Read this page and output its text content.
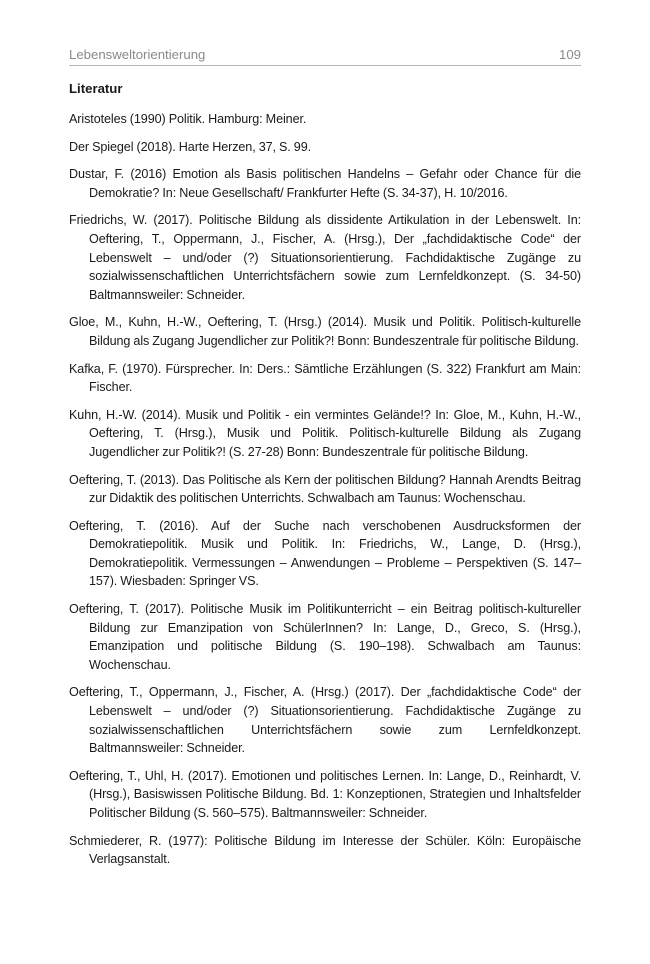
Lebensweltorientierung	109
Literatur
Aristoteles (1990) Politik. Hamburg: Meiner.
Der Spiegel (2018). Harte Herzen, 37, S. 99.
Dustar, F. (2016) Emotion als Basis politischen Handelns – Gefahr oder Chance für die Demokratie? In: Neue Gesellschaft/ Frankfurter Hefte (S. 34-37), H. 10/2016.
Friedrichs, W. (2017). Politische Bildung als dissidente Artikulation in der Lebenswelt. In: Oeftering, T., Oppermann, J., Fischer, A. (Hrsg.), Der „fachdidaktische Code“ der Lebenswelt – und/oder (?) Situationsorientierung. Fachdidaktische Zugänge zu sozialwissenschaftlichen Unterrichtsfächern sowie zum Lernfeldkonzept. (S. 34-50) Baltmannsweiler: Schneider.
Gloe, M., Kuhn, H.-W., Oeftering, T. (Hrsg.) (2014). Musik und Politik. Politisch-kulturelle Bildung als Zugang Jugendlicher zur Politik?! Bonn: Bundeszentrale für politische Bildung.
Kafka, F. (1970). Fürsprecher. In: Ders.: Sämtliche Erzählungen (S. 322) Frankfurt am Main: Fischer.
Kuhn, H.-W. (2014). Musik und Politik - ein vermintes Gelände!? In: Gloe, M., Kuhn, H.-W., Oeftering, T. (Hrsg.), Musik und Politik. Politisch-kulturelle Bildung als Zugang Jugendlicher zur Politik?! (S. 27-28) Bonn: Bundeszentrale für politische Bildung.
Oeftering, T. (2013). Das Politische als Kern der politischen Bildung? Hannah Arendts Beitrag zur Didaktik des politischen Unterrichts. Schwalbach am Taunus: Wochenschau.
Oeftering, T. (2016). Auf der Suche nach verschobenen Ausdrucksformen der Demokratiepolitik. Musik und Politik. In: Friedrichs, W., Lange, D. (Hrsg.), Demokratiepolitik. Vermessungen – Anwendungen – Probleme – Perspektiven (S. 147–157). Wiesbaden: Springer VS.
Oeftering, T. (2017). Politische Musik im Politikunterricht – ein Beitrag politisch-kultureller Bildung zur Emanzipation von SchülerInnen? In: Lange, D., Greco, S. (Hrsg.), Emanzipation und politische Bildung (S. 190–198). Schwalbach am Taunus: Wochenschau.
Oeftering, T., Oppermann, J., Fischer, A. (Hrsg.) (2017). Der „fachdidaktische Code“ der Lebenswelt – und/oder (?) Situationsorientierung. Fachdidaktische Zugänge zu sozialwissenschaftlichen Unterrichtsfächern sowie zum Lernfeldkonzept. Baltmannsweiler: Schneider.
Oeftering, T., Uhl, H. (2017). Emotionen und politisches Lernen. In: Lange, D., Reinhardt, V. (Hrsg.), Basiswissen Politische Bildung. Bd. 1: Konzeptionen, Strategien und Inhaltsfelder Politischer Bildung (S. 560–575). Baltmannsweiler: Schneider.
Schmiederer, R. (1977): Politische Bildung im Interesse der Schüler. Köln: Europäische Verlagsanstalt.
